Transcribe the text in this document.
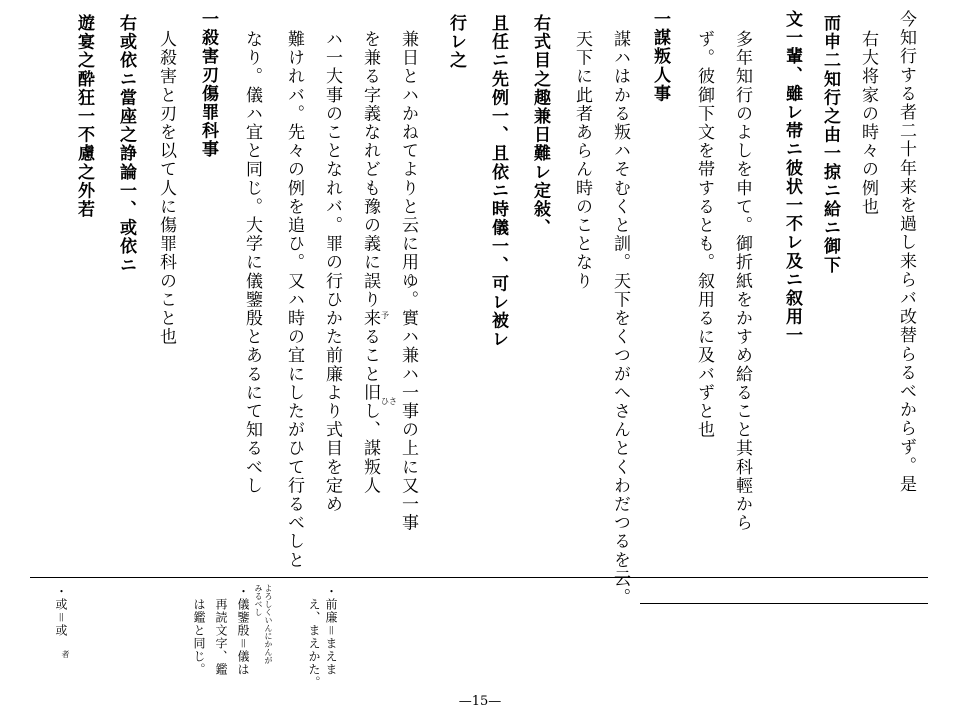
今知行する者二十年来を過し来らバ改替らるべからず。是
右大将家の時々の例也
而申二知行之由一掠ニ給ニ御下
文一輩、雖レ帯ニ彼状一不レ及ニ叙用一
多年知行のよしを申て。御折紙をかすめ給ること其科輕から
ず。彼御下文を帯するとも。叙用るに及バずと也
一謀叛人事
謀ハはかる叛ハそむくと訓。天下をくつがへさんとくわだつるを云。
天下に此者あらん時のことなり
右式目之趣兼日難レ定敍、
且任ニ先例一、且依ニ時儀一、可レ被レ
行レ之
兼日とハかねてよりと云に用ゆ。實ハ兼ハ一事の上に又一事
を兼る字義なれども豫の義に誤り来ること旧し、謀叛人
ハ一大事のことなれバ。罪の行ひかた前廉より式目を定め
難けれバ。先々の例を追ひ。又ハ時の宜にしたがひて行るべしと
なり。儀ハ宜と同じ。大学に儀鑒殷とあるにて知るべし
一殺害刃傷罪科事
人殺害と刃を以て人に傷罪科のこと也
右或依ニ當座之諍論一、或依ニ
遊宴之酔狂一不慮之外若
予
ひさ
・前廉＝まえま
え、まえかた。
よろしくいんにかんが
みるべし
・儀鑒殷＝儀は
再読文字、鑑
は鑑と同じ。
・或＝或
者
—15—
